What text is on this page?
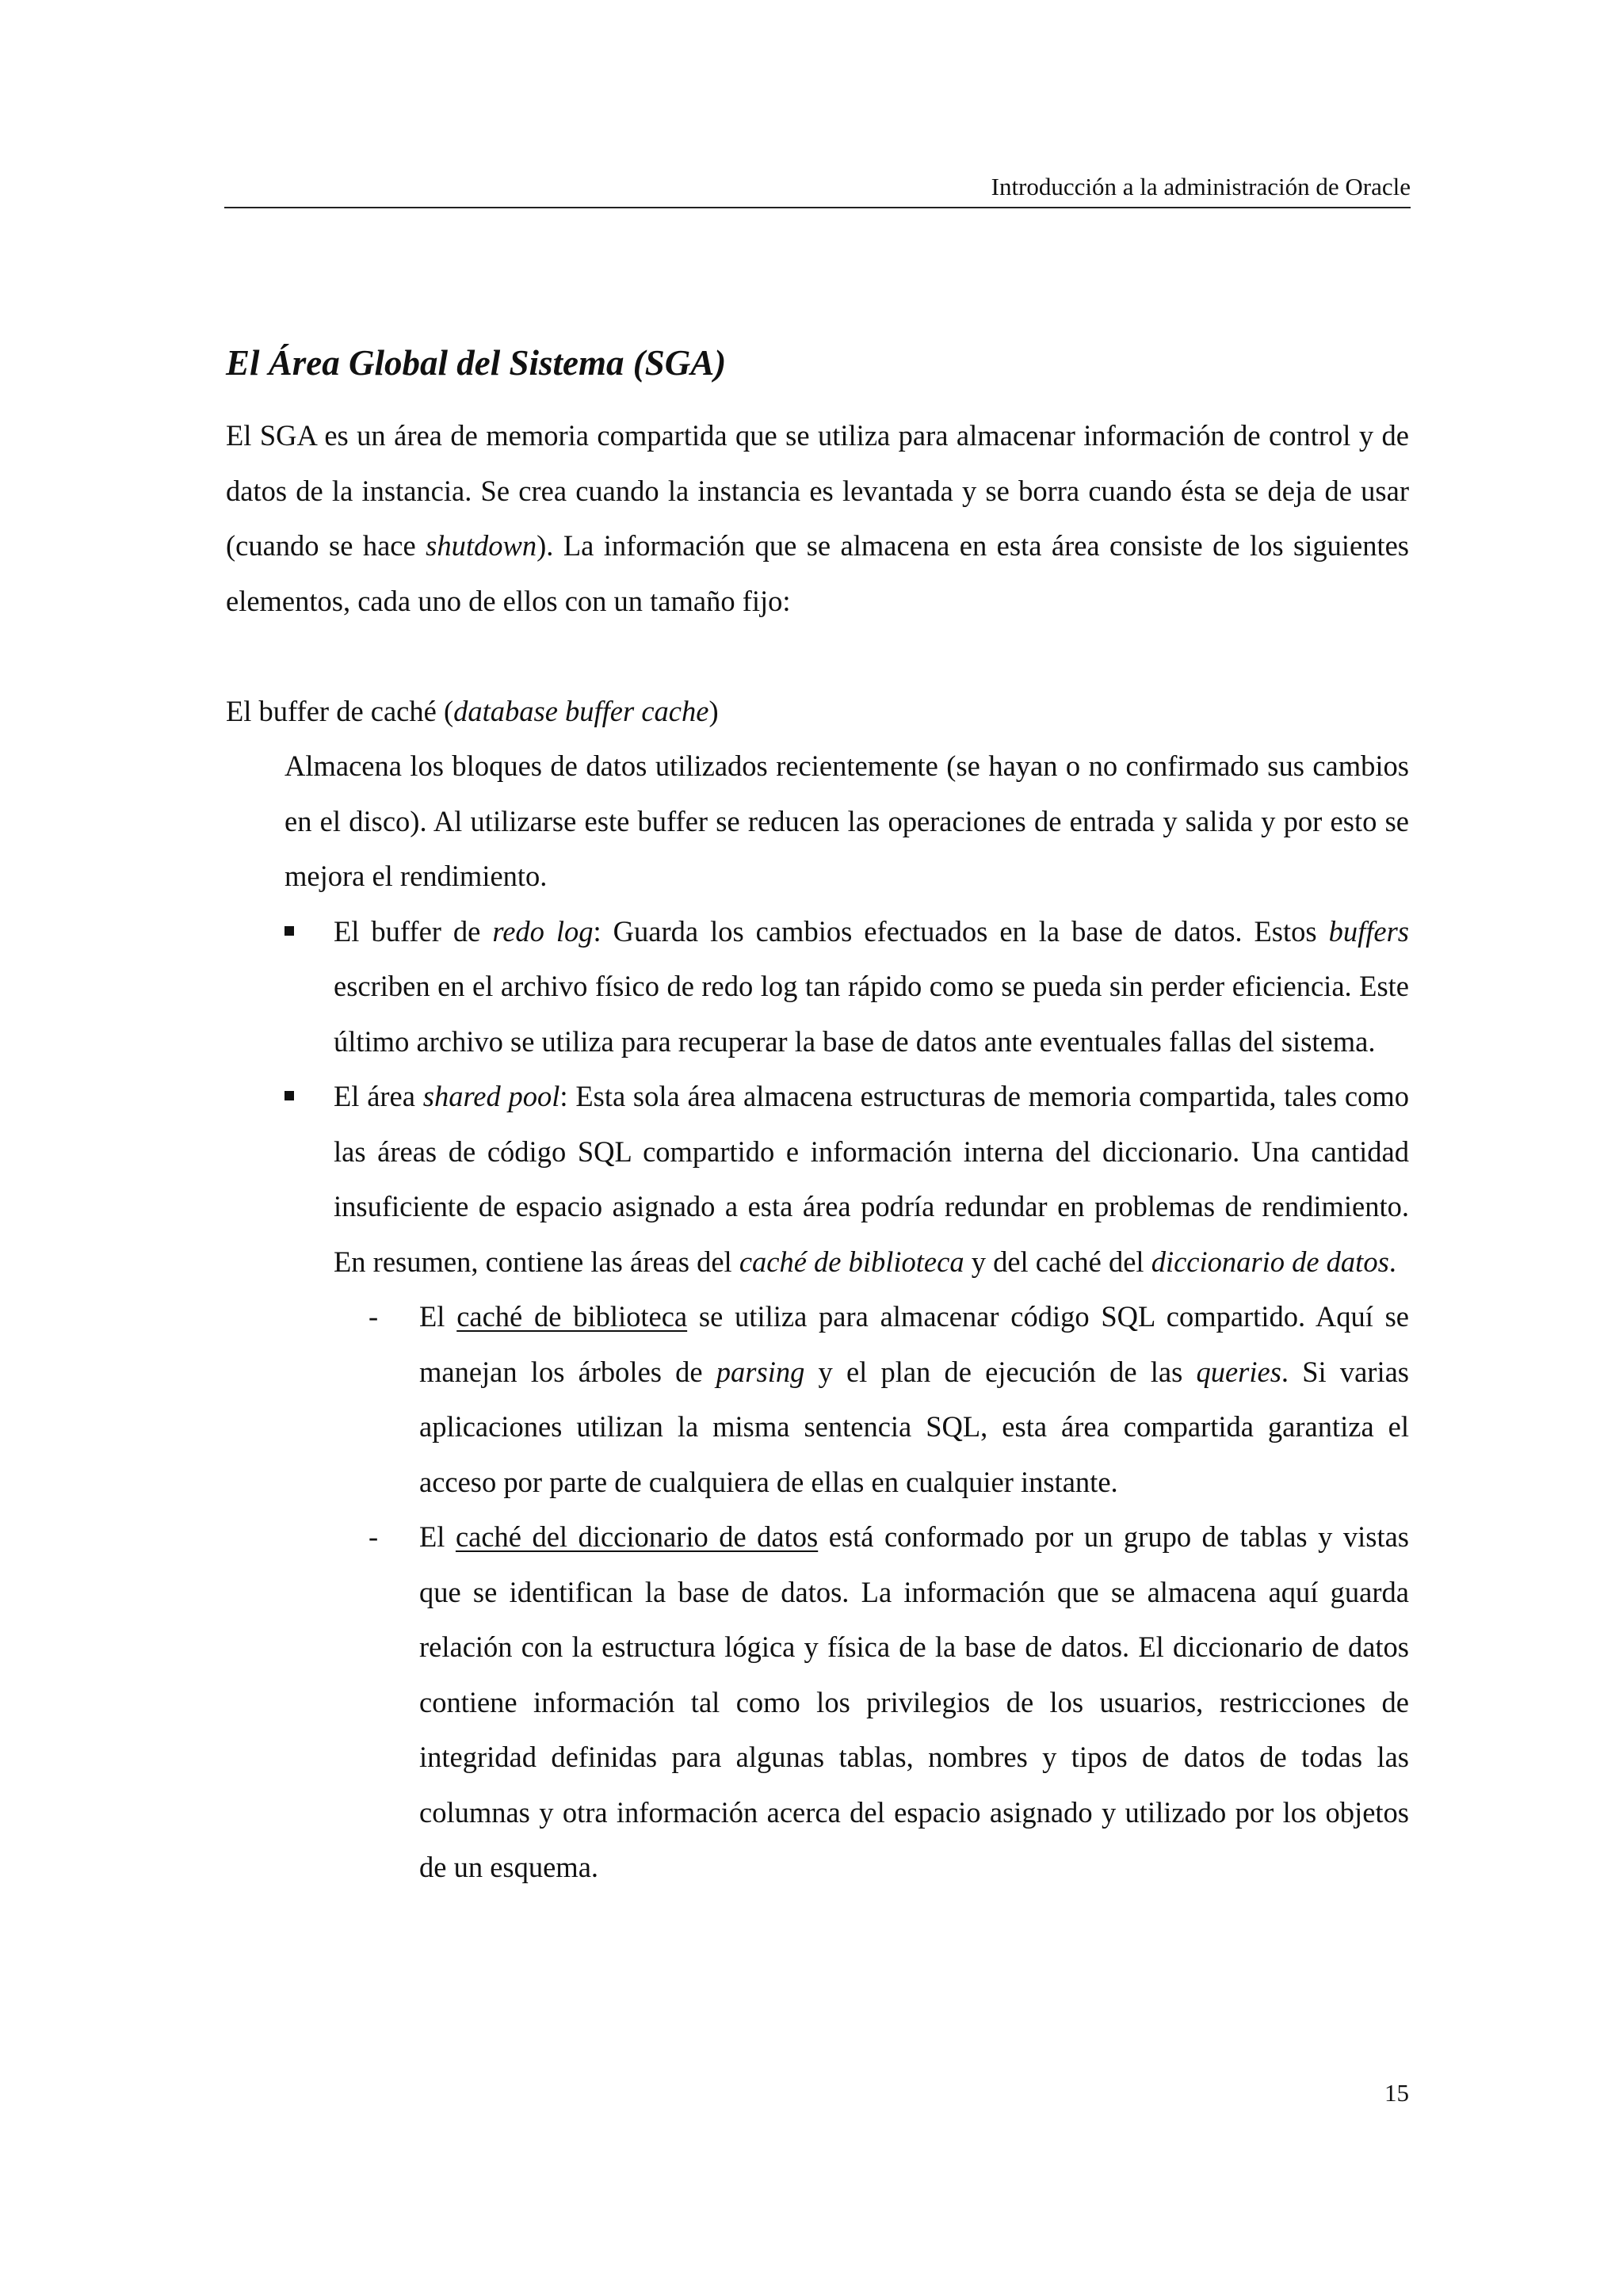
Introducción a la administración de Oracle
El Área Global del Sistema (SGA)

El SGA es un área de memoria compartida que se utiliza para almacenar información de control y de datos de la instancia. Se crea cuando la instancia es levantada y se borra cuando ésta se deja de usar (cuando se hace shutdown). La información que se almacena en esta área consiste de los siguientes elementos, cada uno de ellos con un tamaño fijo:

El buffer de caché (database buffer cache)

Almacena los bloques de datos utilizados recientemente (se hayan o no confirmado sus cambios en el disco). Al utilizarse este buffer se reducen las operaciones de entrada y salida y por esto se mejora el rendimiento.

El buffer de redo log: Guarda los cambios efectuados en la base de datos. Estos buffers escriben en el archivo físico de redo log tan rápido como se pueda sin perder eficiencia. Este último archivo se utiliza para recuperar la base de datos ante eventuales fallas del sistema.

El área shared pool: Esta sola área almacena estructuras de memoria compartida, tales como las áreas de código SQL compartido e información interna del diccionario. Una cantidad insuficiente de espacio asignado a esta área podría redundar en problemas de rendimiento. En resumen, contiene las áreas del caché de biblioteca y del caché del diccionario de datos.

- El caché de biblioteca se utiliza para almacenar código SQL compartido. Aquí se manejan los árboles de parsing y el plan de ejecución de las queries. Si varias aplicaciones utilizan la misma sentencia SQL, esta área compartida garantiza el acceso por parte de cualquiera de ellas en cualquier instante.

- El caché del diccionario de datos está conformado por un grupo de tablas y vistas que se identifican la base de datos. La información que se almacena aquí guarda relación con la estructura lógica y física de la base de datos. El diccionario de datos contiene información tal como los privilegios de los usuarios, restricciones de integridad definidas para algunas tablas, nombres y tipos de datos de todas las columnas y otra información acerca del espacio asignado y utilizado por los objetos de un esquema.

15
